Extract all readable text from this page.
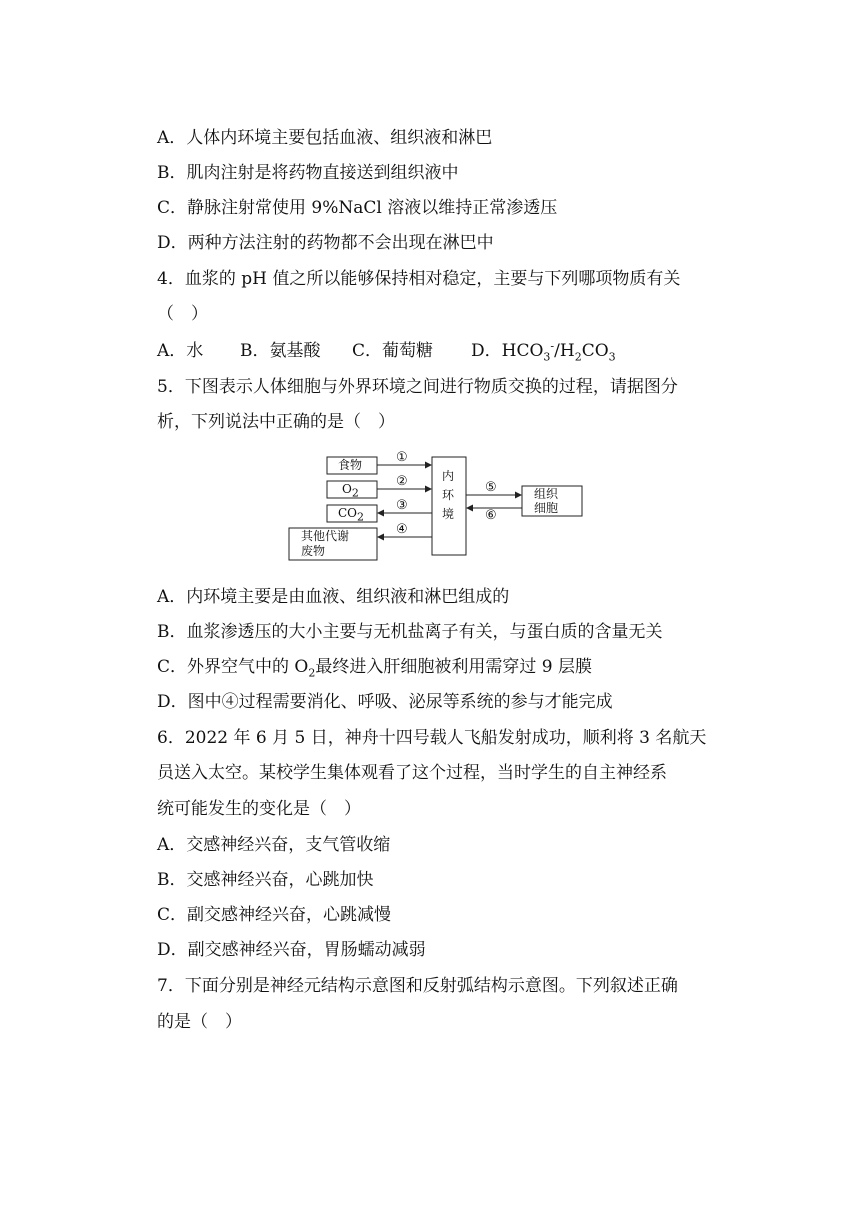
A．人体内环境主要包括血液、组织液和淋巴
B．肌肉注射是将药物直接送到组织液中
C．静脉注射常使用 9%NaCl 溶液以维持正常渗透压
D．两种方法注射的药物都不会出现在淋巴中
4．血浆的 pH 值之所以能够保持相对稳定，主要与下列哪项物质有关
（　）
A．水 B．氨基酸 C．葡萄糖 D．$HCO_3^-/H_2CO_3$
5．下图表示人体细胞与外界环境之间进行物质交换的过程，请据图分
析，下列说法中正确的是（　）
食物
$O_2$
$CO_2$
其他代谢
废物
内
环
境
组织
细胞
①
②
③
④
⑤
⑥
A．内环境主要是由血液、组织液和淋巴组成的
B．血浆渗透压的大小主要与无机盐离子有关，与蛋白质的含量无关
C．外界空气中的 $O_2$最终进入肝细胞被利用需穿过 9 层膜
D．图中④过程需要消化、呼吸、泌尿等系统的参与才能完成
6．2022 年 6 月 5 日，神舟十四号载人飞船发射成功，顺利将 3 名航天
员送入太空。某校学生集体观看了这个过程，当时学生的自主神经系
统可能发生的变化是（　）
A．交感神经兴奋，支气管收缩
B．交感神经兴奋，心跳加快
C．副交感神经兴奋，心跳减慢
D．副交感神经兴奋，胃肠蠕动减弱
7．下面分别是神经元结构示意图和反射弧结构示意图。下列叙述正确
的是（　）
